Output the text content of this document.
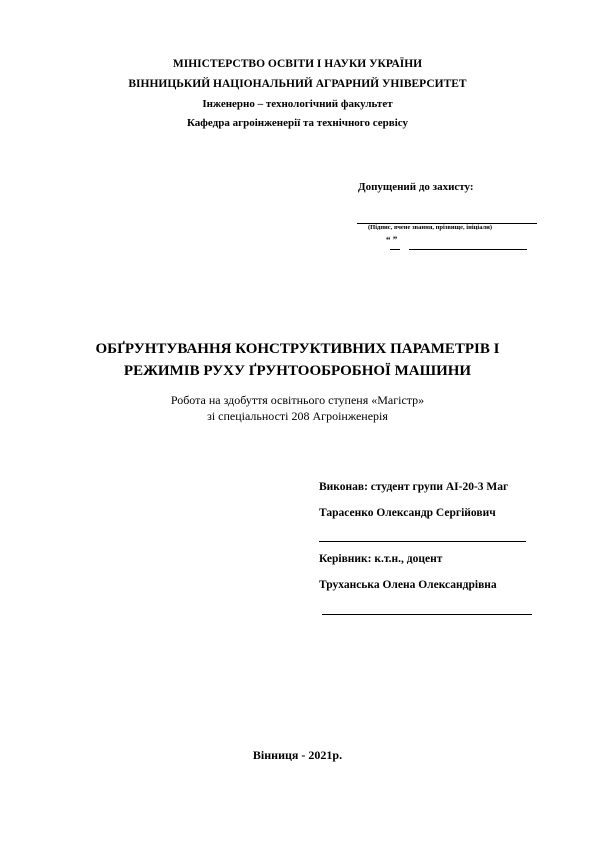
МІНІСТЕРСТВО ОСВІТИ І НАУКИ УКРАЇНИ
ВІННИЦЬКИЙ НАЦІОНАЛЬНИЙ АГРАРНИЙ УНІВЕРСИТЕТ
Інженерно – технологічний факультет
Кафедра агроінженерії та технічного сервісу
Допущений до захисту:
(Підпис, вчене звання, прізвище, ініціали)
“ ”
ОБҐРУНТУВАННЯ КОНСТРУКТИВНИХ ПАРАМЕТРІВ І
РЕЖИМІВ РУХУ ҐРУНТООБРОБНОЇ МАШИНИ
Робота на здобуття освітнього ступеня «Магістр»
зі спеціальності 208 Агроінженерія
Виконав: студент групи АІ-20-3 Маг
Тарасенко Олександр Сергійович
Керівник: к.т.н., доцент
Труханська Олена Олександрівна
Вінниця - 2021р.
